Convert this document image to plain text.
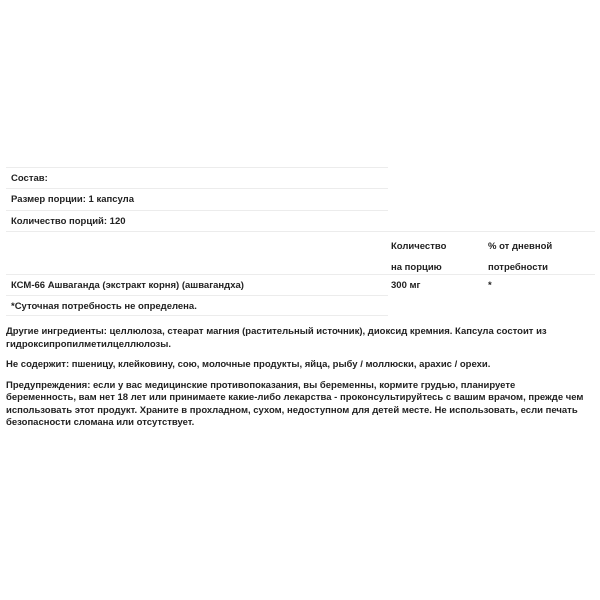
Состав:
Размер порции: 1 капсула
Количество порций: 120
Количество
на порцию
% от дневной
потребности
КСМ-66 Ашваганда (экстракт корня) (ашвагандха)	300 мг	*
*Суточная потребность не определена.

Другие ингредиенты: целлюлоза, стеарат магния (растительный источник), диоксид кремния. Капсула состоит из гидроксипропилметилцеллюлозы.

Не содержит: пшеницу, клейковину, сою, молочные продукты, яйца, рыбу / моллюски, арахис / орехи.

Предупреждения: если у вас медицинские противопоказания, вы беременны, кормите грудью, планируете беременность, вам нет 18 лет или принимаете какие-либо лекарства - проконсультируйтесь с вашим врачом, прежде чем использовать этот продукт. Храните в прохладном, сухом, недоступном для детей месте. Не использовать, если печать безопасности сломана или отсутствует.
